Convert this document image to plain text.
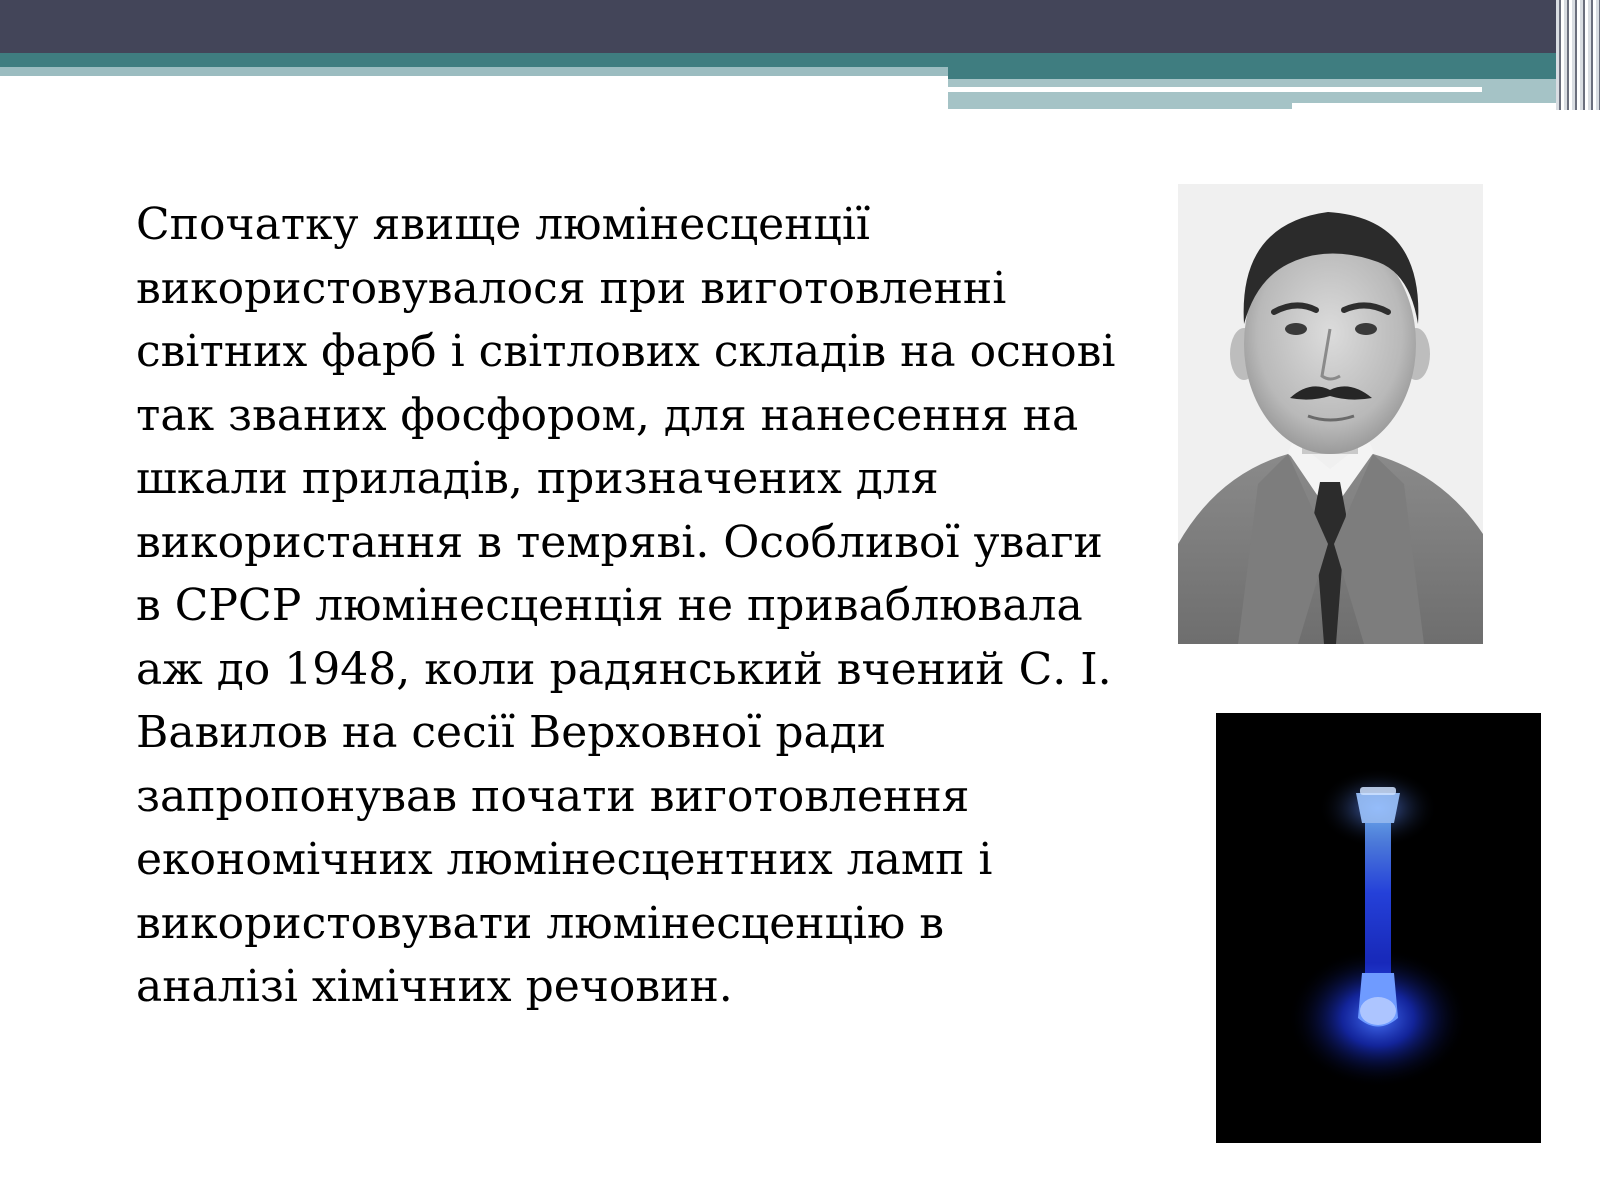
Спочатку явище люмінесценції
використовувалося при виготовленні
світних фарб і світлових складів на основі
так званих фосфором, для нанесення на
шкали приладів, призначених для
використання в темряві. Особливої уваги
в СРСР люмінесценція не приваблювала
аж до 1948, коли радянський вчений С. І.
Вавилов на сесії Верховної ради
запропонував почати виготовлення
економічних люмінесцентних ламп і
використовувати люмінесценцію в
аналізі хімічних речовин.
